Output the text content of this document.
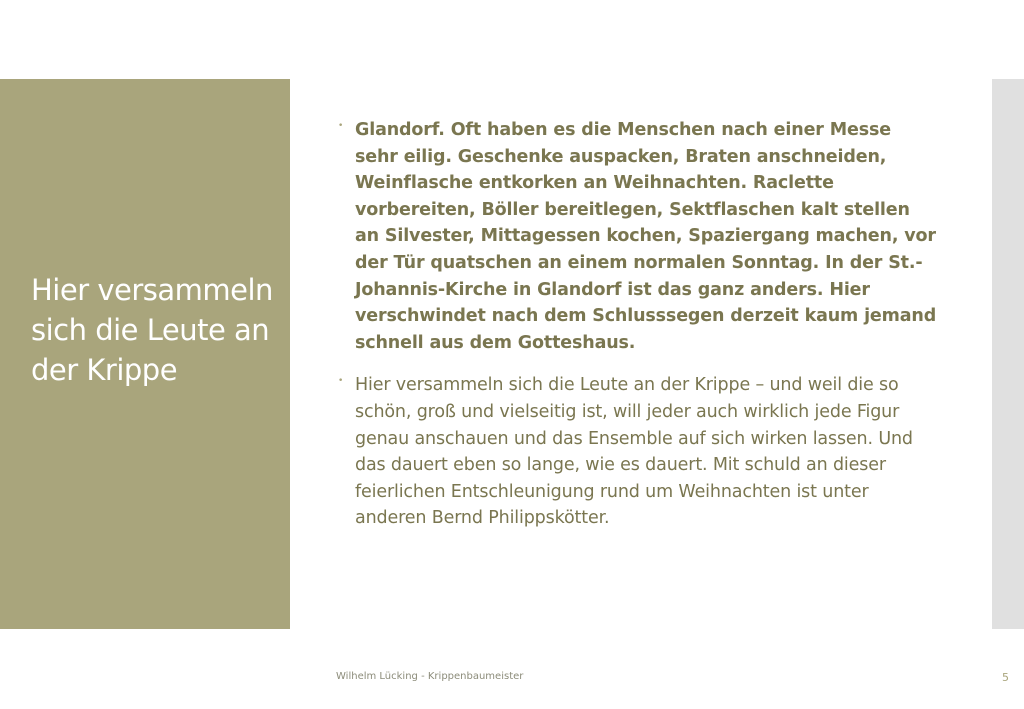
Hier versammeln sich die Leute an der Krippe
• Glandorf. Oft haben es die Menschen nach einer Messe sehr eilig. Geschenke auspacken, Braten anschneiden, Weinflasche entkorken an Weihnachten. Raclette vorbereiten, Böller bereitlegen, Sektflaschen kalt stellen an Silvester, Mittagessen kochen, Spaziergang machen, vor der Tür quatschen an einem normalen Sonntag. In der St.-Johannis-Kirche in Glandorf ist das ganz anders. Hier verschwindet nach dem Schlusssegen derzeit kaum jemand schnell aus dem Gotteshaus.
• Hier versammeln sich die Leute an der Krippe – und weil die so schön, groß und vielseitig ist, will jeder auch wirklich jede Figur genau anschauen und das Ensemble auf sich wirken lassen. Und das dauert eben so lange, wie es dauert. Mit schuld an dieser feierlichen Entschleunigung rund um Weihnachten ist unter anderen Bernd Philippskötter.
Wilhelm Lücking - Krippenbaumeister	5
